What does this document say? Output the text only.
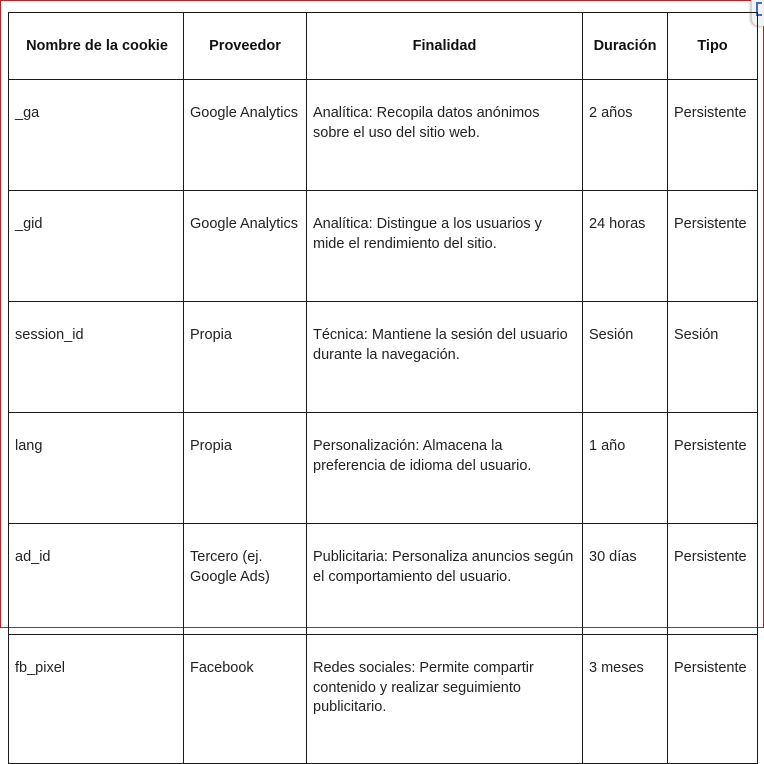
Nombre de la cookie	Proveedor	Finalidad	Duración	Tipo
_ga	Google Analytics	Analítica: Recopila datos anónimos sobre el uso del sitio web.	2 años	Persistente
_gid	Google Analytics	Analítica: Distingue a los usuarios y mide el rendimiento del sitio.	24 horas	Persistente
session_id	Propia	Técnica: Mantiene la sesión del usuario durante la navegación.	Sesión	Sesión
lang	Propia	Personalización: Almacena la preferencia de idioma del usuario.	1 año	Persistente
ad_id	Tercero (ej. Google Ads)	Publicitaria: Personaliza anuncios según el comportamiento del usuario.	30 días	Persistente
fb_pixel	Facebook	Redes sociales: Permite compartir contenido y realizar seguimiento publicitario.	3 meses	Persistente
